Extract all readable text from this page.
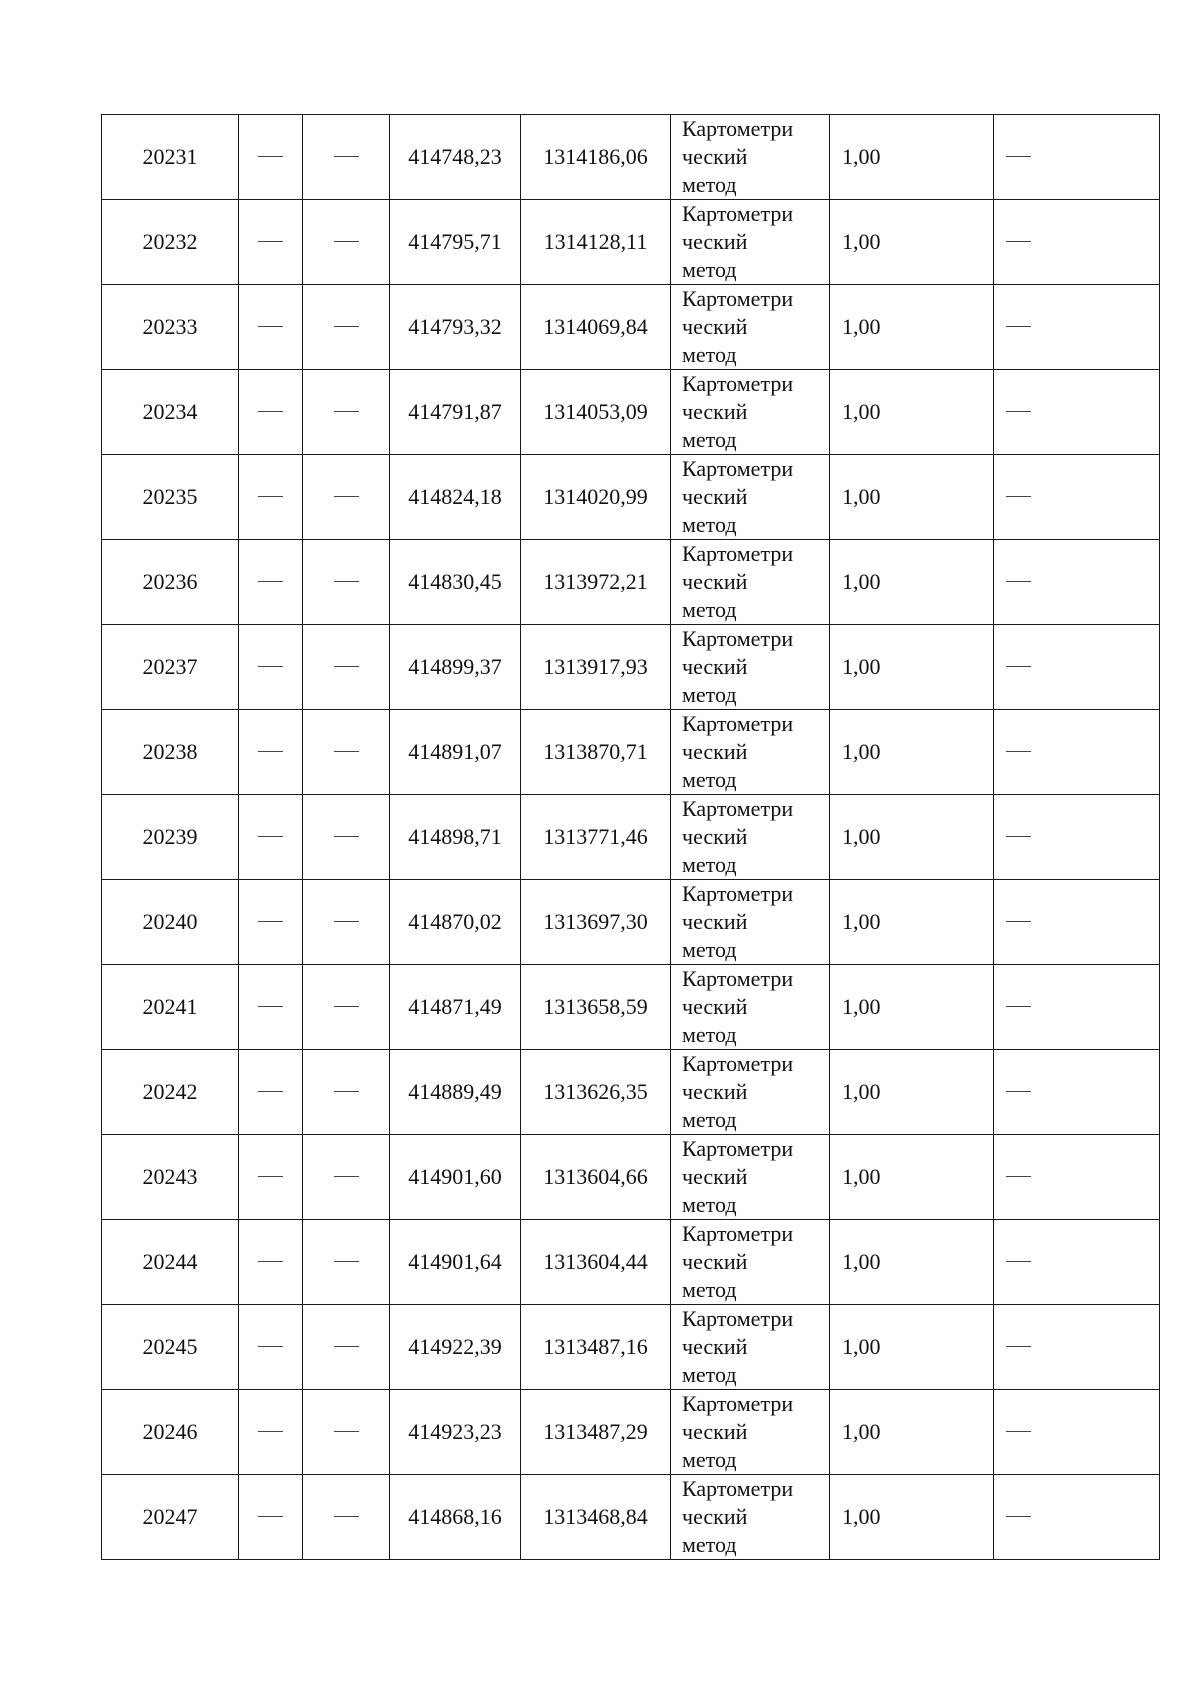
20231			414748,23	1314186,06	Картометри
ческий
метод	1,00	
20232			414795,71	1314128,11	Картометри
ческий
метод	1,00	
20233			414793,32	1314069,84	Картометри
ческий
метод	1,00	
20234			414791,87	1314053,09	Картометри
ческий
метод	1,00	
20235			414824,18	1314020,99	Картометри
ческий
метод	1,00	
20236			414830,45	1313972,21	Картометри
ческий
метод	1,00	
20237			414899,37	1313917,93	Картометри
ческий
метод	1,00	
20238			414891,07	1313870,71	Картометри
ческий
метод	1,00	
20239			414898,71	1313771,46	Картометри
ческий
метод	1,00	
20240			414870,02	1313697,30	Картометри
ческий
метод	1,00	
20241			414871,49	1313658,59	Картометри
ческий
метод	1,00	
20242			414889,49	1313626,35	Картометри
ческий
метод	1,00	
20243			414901,60	1313604,66	Картометри
ческий
метод	1,00	
20244			414901,64	1313604,44	Картометри
ческий
метод	1,00	
20245			414922,39	1313487,16	Картометри
ческий
метод	1,00	
20246			414923,23	1313487,29	Картометри
ческий
метод	1,00	
20247			414868,16	1313468,84	Картометри
ческий
метод	1,00	
